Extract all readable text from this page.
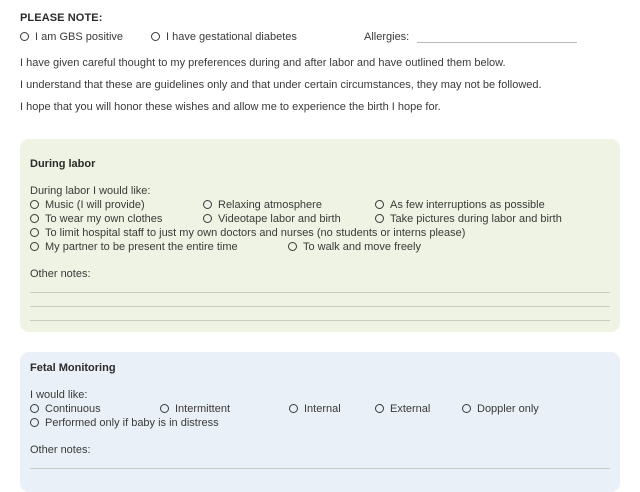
PLEASE NOTE:
I am GBS positive	I have gestational diabetes	Allergies:
I have given careful thought to my preferences during and after labor and have outlined them below.
I understand that these are guidelines only and that under certain circumstances, they may not be followed.
I hope that you will honor these wishes and allow me to experience the birth I hope for.
During labor
During labor I would like:
Music (I will provide)	Relaxing atmosphere	As few interruptions as possible
To wear my own clothes	Videotape labor and birth	Take pictures during labor and birth
To limit hospital staff to just my own doctors and nurses (no students or interns please)
My partner to be present the entire time	To walk and move freely
Other notes:
Fetal Monitoring
I would like:
Continuous	Intermittent	Internal	External	Doppler only
Performed only if baby is in distress
Other notes:
